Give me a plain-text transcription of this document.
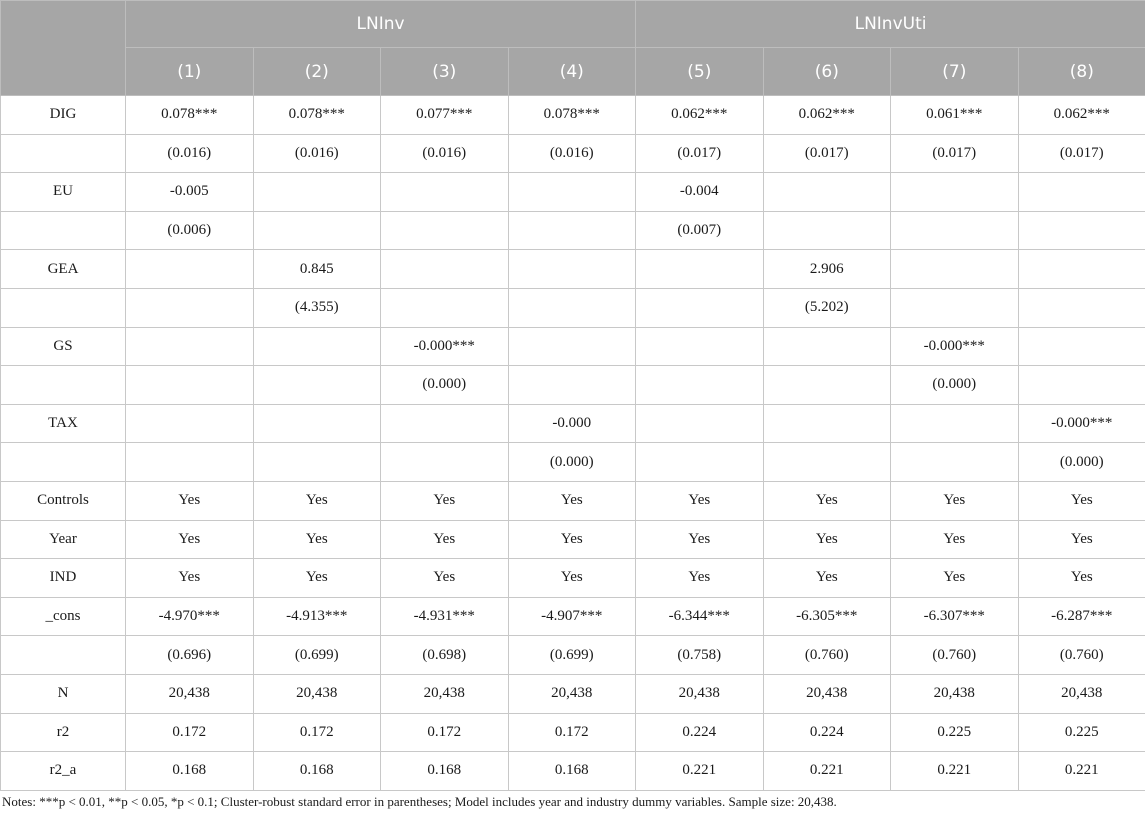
	LNInv				LNInvUti			
	(1)	(2)	(3)	(4)	(5)	(6)	(7)	(8)
DIG	0.078***	0.078***	0.077***	0.078***	0.062***	0.062***	0.061***	0.062***
	(0.016)	(0.016)	(0.016)	(0.016)	(0.017)	(0.017)	(0.017)	(0.017)
EU	-0.005				-0.004			
	(0.006)				(0.007)			
GEA		0.845				2.906		
		(4.355)				(5.202)		
GS			-0.000***				-0.000***	
			(0.000)				(0.000)	
TAX				-0.000				-0.000***
				(0.000)				(0.000)
Controls	Yes	Yes	Yes	Yes	Yes	Yes	Yes	Yes
Year	Yes	Yes	Yes	Yes	Yes	Yes	Yes	Yes
IND	Yes	Yes	Yes	Yes	Yes	Yes	Yes	Yes
_cons	-4.970***	-4.913***	-4.931***	-4.907***	-6.344***	-6.305***	-6.307***	-6.287***
	(0.696)	(0.699)	(0.698)	(0.699)	(0.758)	(0.760)	(0.760)	(0.760)
N	20,438	20,438	20,438	20,438	20,438	20,438	20,438	20,438
r2	0.172	0.172	0.172	0.172	0.224	0.224	0.225	0.225
r2_a	0.168	0.168	0.168	0.168	0.221	0.221	0.221	0.221
Notes: ***p < 0.01, **p < 0.05, *p < 0.1; Cluster-robust standard error in parentheses; Model includes year and industry dummy variables. Sample size: 20,438.
